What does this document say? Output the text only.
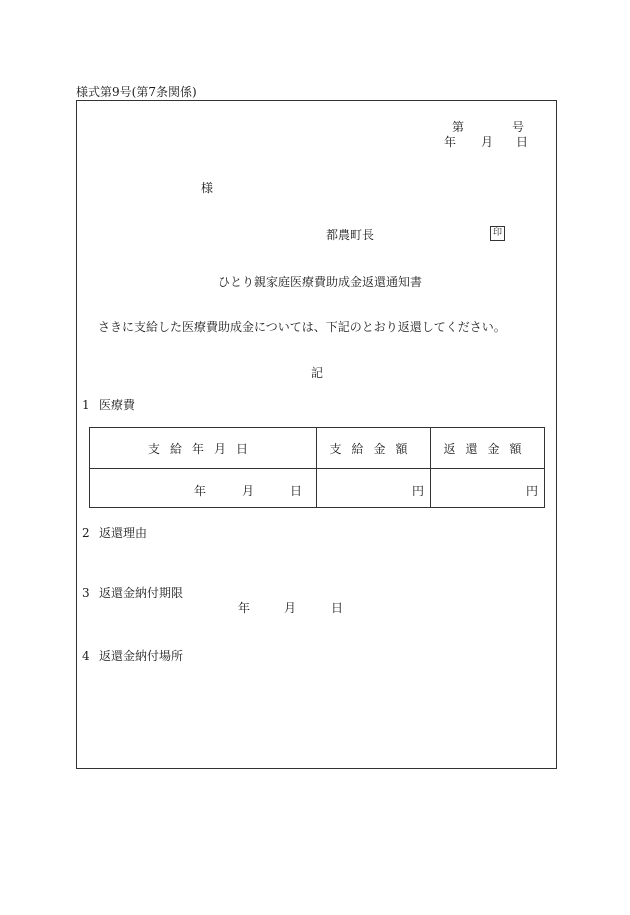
様式第9号(第7条関係)
第	号
年 月 日
様
都農町長	印
ひとり親家庭医療費助成金返還通知書
さきに支給した医療費助成金については、下記のとおり返還してください。
記
1 医療費
支給年月日	支給金額	返還金額

年 月 日	円	円
2 返還理由
3 返還金納付期限
年	月	日
4 返還金納付場所
